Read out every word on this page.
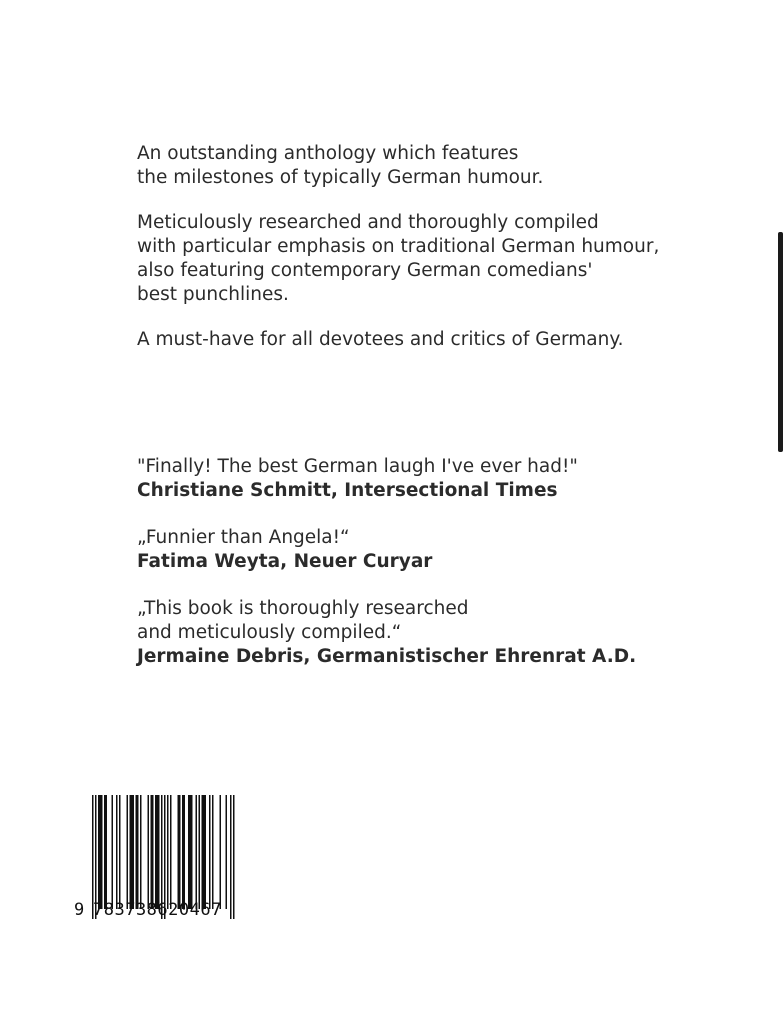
An outstanding anthology which features
the milestones of typically German humour.
Meticulously researched and thoroughly compiled
with particular emphasis on traditional German humour,
also featuring contemporary German comedians'
best punchlines.
A must-have for all devotees and critics of Germany.
"Finally! The best German laugh I've ever had!"
Christiane Schmitt, Intersectional Times
„Funnier than Angela!“
Fatima Weyta, Neuer Curyar
„This book is thoroughly researched
and meticulously compiled.“
Jermaine Debris, Germanistischer Ehrenrat A.D.
9 783738620467
